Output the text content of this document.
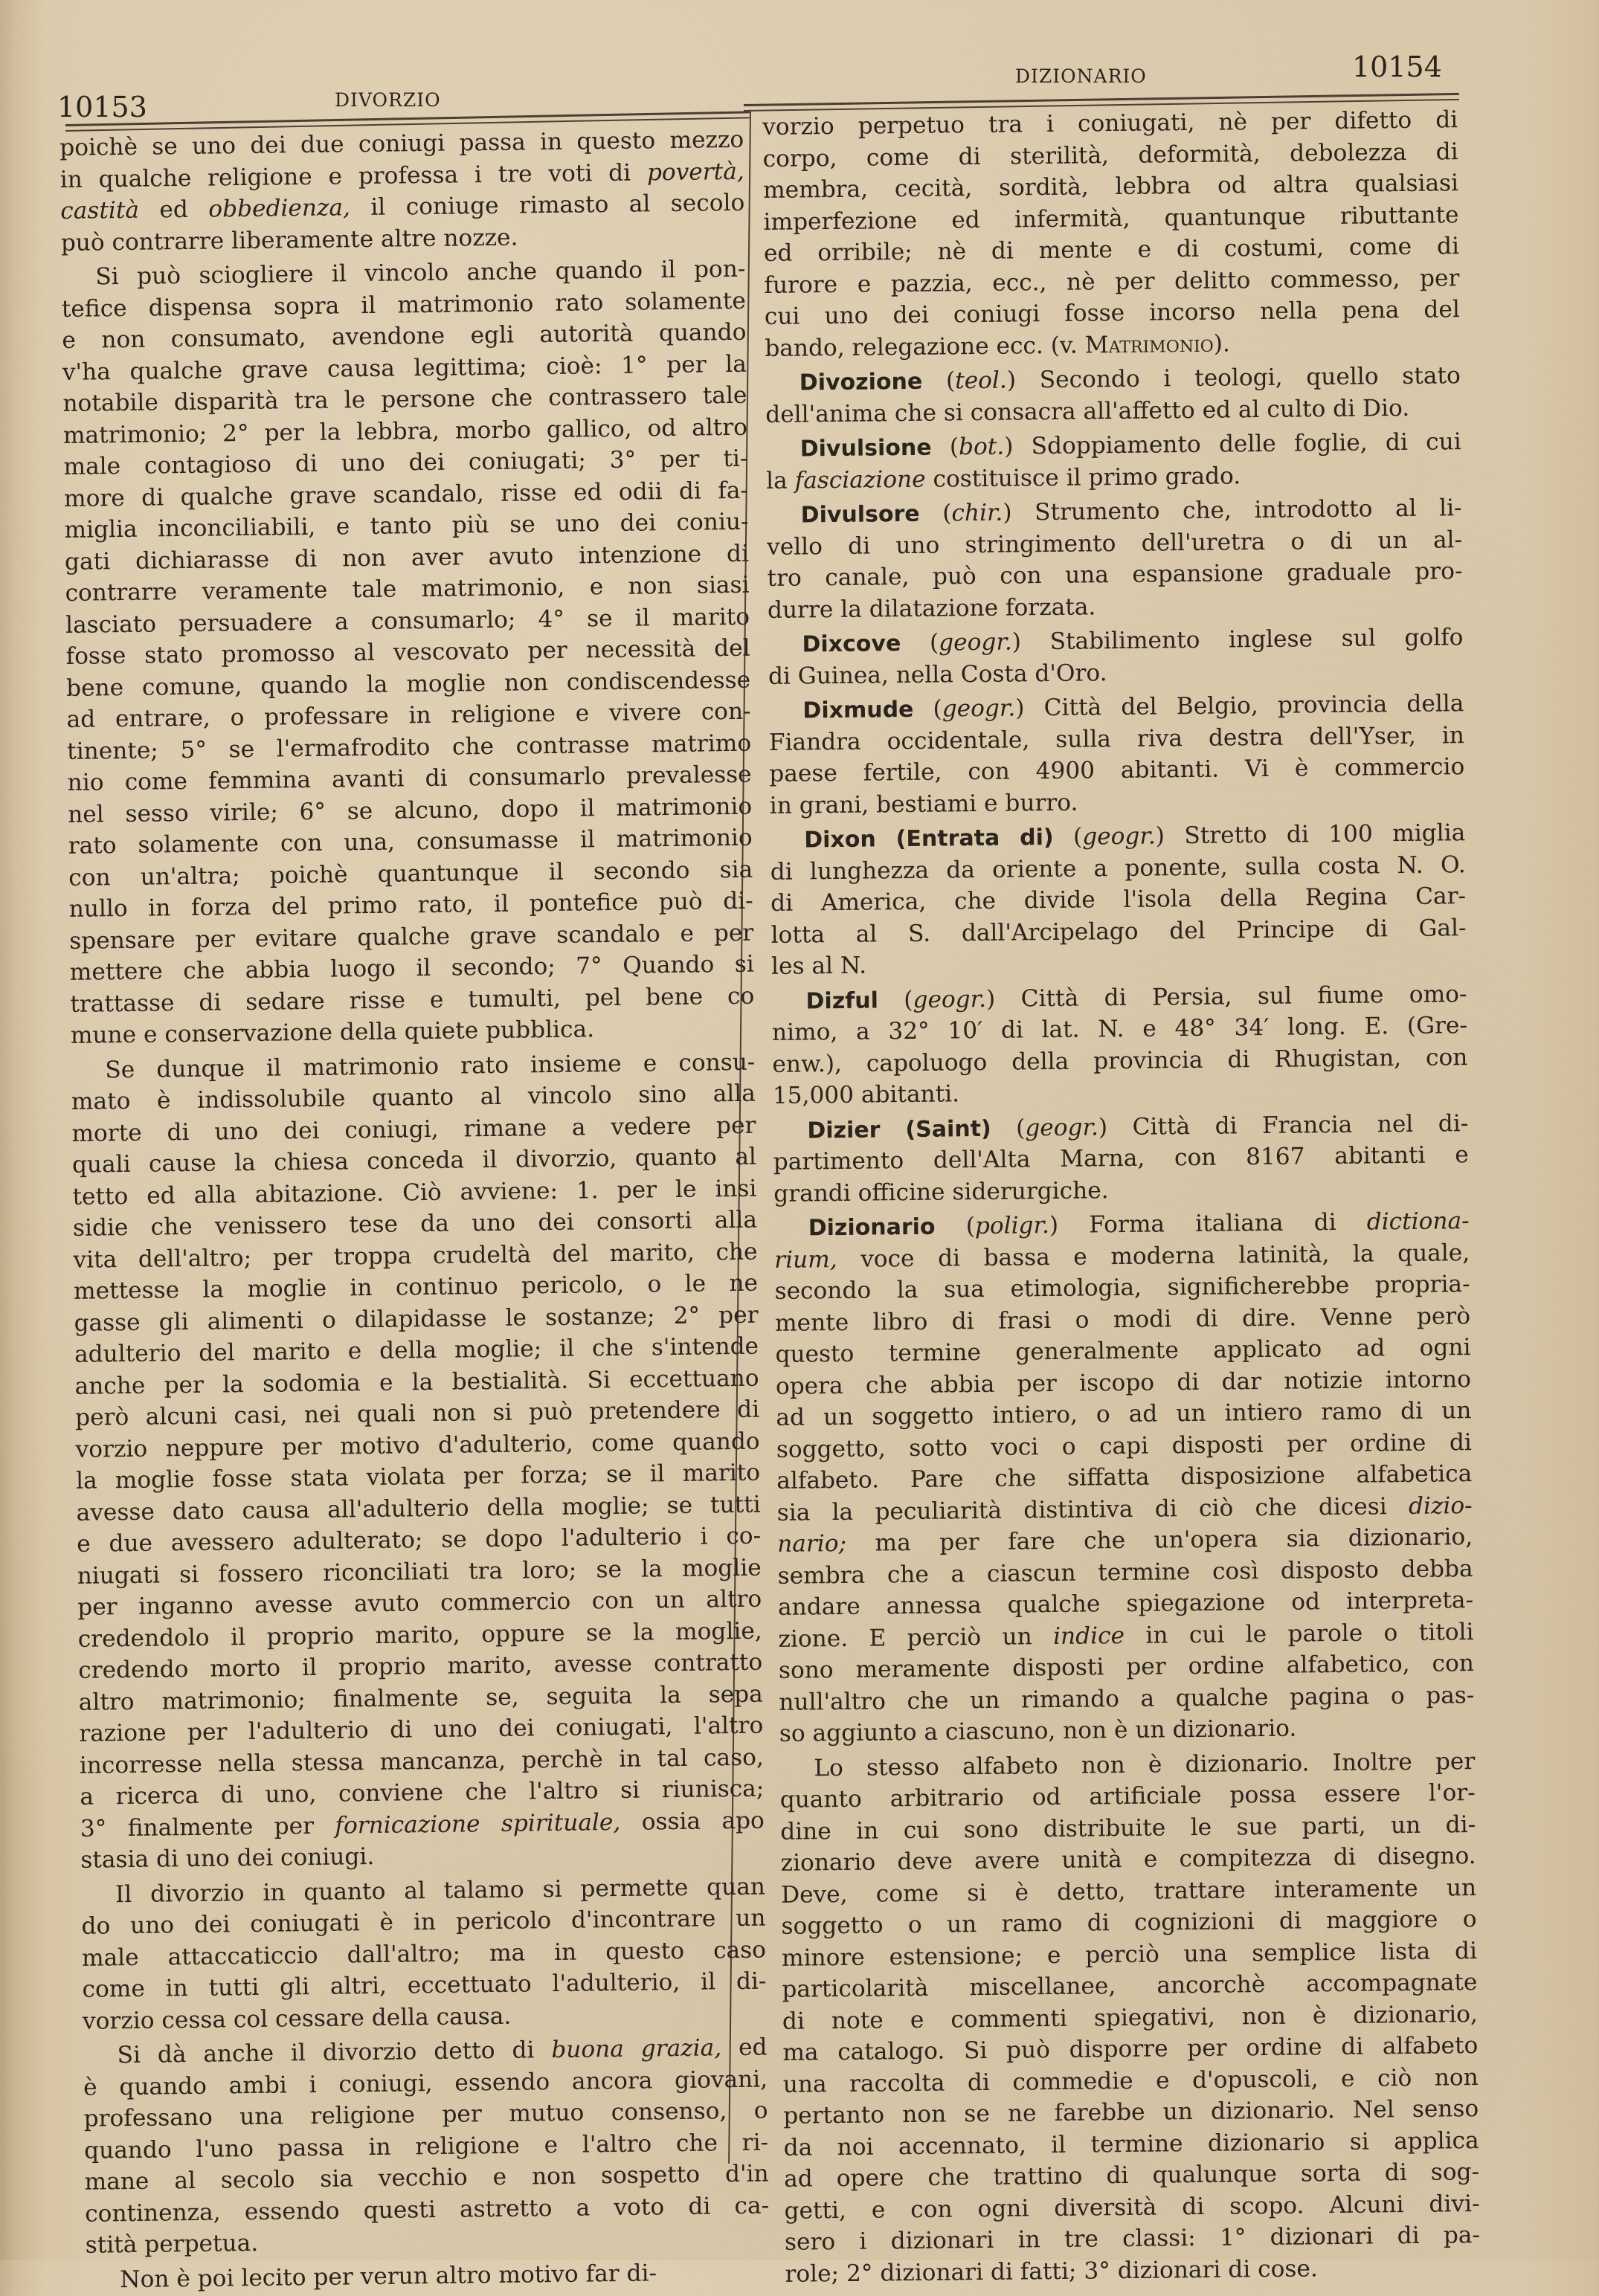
10153	DIVORZIO
DIZIONARIO	10154
poichè se uno dei due coniugi passa in questo mezzo
in qualche religione e professa i tre voti di povertà,
castità ed obbedienza, il coniuge rimasto al secolo
può contrarre liberamente altre nozze.
Si può sciogliere il vincolo anche quando il pon-
tefice dispensa sopra il matrimonio rato solamente
e non consumato, avendone egli autorità quando
v'ha qualche grave causa legittima; cioè: 1° per la
notabile disparità tra le persone che contrassero tale
matrimonio; 2° per la lebbra, morbo gallico, od altro
male contagioso di uno dei coniugati; 3° per ti-
more di qualche grave scandalo, risse ed odii di fa-
miglia inconciliabili, e tanto più se uno dei coniu-
gati dichiarasse di non aver avuto intenzione di
contrarre veramente tale matrimonio, e non siasi
lasciato persuadere a consumarlo; 4° se il marito
fosse stato promosso al vescovato per necessità del
bene comune, quando la moglie non condiscendesse
ad entrare, o professare in religione e vivere con-
tinente; 5° se l'ermafrodito che contrasse matrimo
nio come femmina avanti di consumarlo prevalesse
nel sesso virile; 6° se alcuno, dopo il matrimonio
rato solamente con una, consumasse il matrimonio
con un'altra; poichè quantunque il secondo sia
nullo in forza del primo rato, il pontefice può di-
spensare per evitare qualche grave scandalo e per
mettere che abbia luogo il secondo; 7° Quando si
trattasse di sedare risse e tumulti, pel bene co
mune e conservazione della quiete pubblica.
Se dunque il matrimonio rato insieme e consu-
mato è indissolubile quanto al vincolo sino alla
morte di uno dei coniugi, rimane a vedere per
quali cause la chiesa conceda il divorzio, quanto al
tetto ed alla abitazione. Ciò avviene: 1. per le insi
sidie che venissero tese da uno dei consorti alla
vita dell'altro; per troppa crudeltà del marito, che
mettesse la moglie in continuo pericolo, o le ne
gasse gli alimenti o dilapidasse le sostanze; 2° per
adulterio del marito e della moglie; il che s'intende
anche per la sodomia e la bestialità. Si eccettuano
però alcuni casi, nei quali non si può pretendere di
vorzio neppure per motivo d'adulterio, come quando
la moglie fosse stata violata per forza; se il marito
avesse dato causa all'adulterio della moglie; se tutti
e due avessero adulterato; se dopo l'adulterio i co-
niugati si fossero riconciliati tra loro; se la moglie
per inganno avesse avuto commercio con un altro
credendolo il proprio marito, oppure se la moglie,
credendo morto il proprio marito, avesse contratto
altro matrimonio; finalmente se, seguita la sepa
razione per l'adulterio di uno dei coniugati, l'altro
incorresse nella stessa mancanza, perchè in tal caso,
a ricerca di uno, conviene che l'altro si riunisca;
3° finalmente per fornicazione spirituale, ossia apo
stasia di uno dei coniugi.
Il divorzio in quanto al talamo si permette quan
do uno dei coniugati è in pericolo d'incontrare un
male attaccaticcio dall'altro; ma in questo caso
come in tutti gli altri, eccettuato l'adulterio, il di-
vorzio cessa col cessare della causa.
Si dà anche il divorzio detto di buona grazia, ed
è quando ambi i coniugi, essendo ancora giovani,
professano una religione per mutuo consenso, o
quando l'uno passa in religione e l'altro che ri-
mane al secolo sia vecchio e non sospetto d'in
continenza, essendo questi astretto a voto di ca-
stità perpetua.
Non è poi lecito per verun altro motivo far di-
vorzio perpetuo tra i coniugati, nè per difetto di
corpo, come di sterilità, deformità, debolezza di
membra, cecità, sordità, lebbra od altra qualsiasi
imperfezione ed infermità, quantunque ributtante
ed orribile; nè di mente e di costumi, come di
furore e pazzia, ecc., nè per delitto commesso, per
cui uno dei coniugi fosse incorso nella pena del
bando, relegazione ecc. (v. Matrimonio).
Divozione (teol.) Secondo i teologi, quello stato
dell'anima che si consacra all'affetto ed al culto di Dio.
Divulsione (bot.) Sdoppiamento delle foglie, di cui
la fasciazione costituisce il primo grado.
Divulsore (chir.) Strumento che, introdotto al li-
vello di uno stringimento dell'uretra o di un al-
tro canale, può con una espansione graduale pro-
durre la dilatazione forzata.
Dixcove (geogr.) Stabilimento inglese sul golfo
di Guinea, nella Costa d'Oro.
Dixmude (geogr.) Città del Belgio, provincia della
Fiandra occidentale, sulla riva destra dell'Yser, in
paese fertile, con 4900 abitanti. Vi è commercio
in grani, bestiami e burro.
Dixon (Entrata di) (geogr.) Stretto di 100 miglia
di lunghezza da oriente a ponente, sulla costa N. O.
di America, che divide l'isola della Regina Car-
lotta al S. dall'Arcipelago del Principe di Gal-
les al N.
Dizful (geogr.) Città di Persia, sul fiume omo-
nimo, a 32° 10′ di lat. N. e 48° 34′ long. E. (Gre-
enw.), capoluogo della provincia di Rhugistan, con
15,000 abitanti.
Dizier (Saint) (geogr.) Città di Francia nel di-
partimento dell'Alta Marna, con 8167 abitanti e
grandi officine siderurgiche.
Dizionario (poligr.) Forma italiana di dictiona-
rium, voce di bassa e moderna latinità, la quale,
secondo la sua etimologia, significherebbe propria-
mente libro di frasi o modi di dire. Venne però
questo termine generalmente applicato ad ogni
opera che abbia per iscopo di dar notizie intorno
ad un soggetto intiero, o ad un intiero ramo di un
soggetto, sotto voci o capi disposti per ordine di
alfabeto. Pare che siffatta disposizione alfabetica
sia la peculiarità distintiva di ciò che dicesi dizio-
nario; ma per fare che un'opera sia dizionario,
sembra che a ciascun termine così disposto debba
andare annessa qualche spiegazione od interpreta-
zione. E perciò un indice in cui le parole o titoli
sono meramente disposti per ordine alfabetico, con
null'altro che un rimando a qualche pagina o pas-
so aggiunto a ciascuno, non è un dizionario.
Lo stesso alfabeto non è dizionario. Inoltre per
quanto arbitrario od artificiale possa essere l'or-
dine in cui sono distribuite le sue parti, un di-
zionario deve avere unità e compitezza di disegno.
Deve, come si è detto, trattare interamente un
soggetto o un ramo di cognizioni di maggiore o
minore estensione; e perciò una semplice lista di
particolarità miscellanee, ancorchè accompagnate
di note e commenti spiegativi, non è dizionario,
ma catalogo. Si può disporre per ordine di alfabeto
una raccolta di commedie e d'opuscoli, e ciò non
pertanto non se ne farebbe un dizionario. Nel senso
da noi accennato, il termine dizionario si applica
ad opere che trattino di qualunque sorta di sog-
getti, e con ogni diversità di scopo. Alcuni divi-
sero i dizionari in tre classi: 1° dizionari di pa-
role; 2° dizionari di fatti; 3° dizionari di cose.
